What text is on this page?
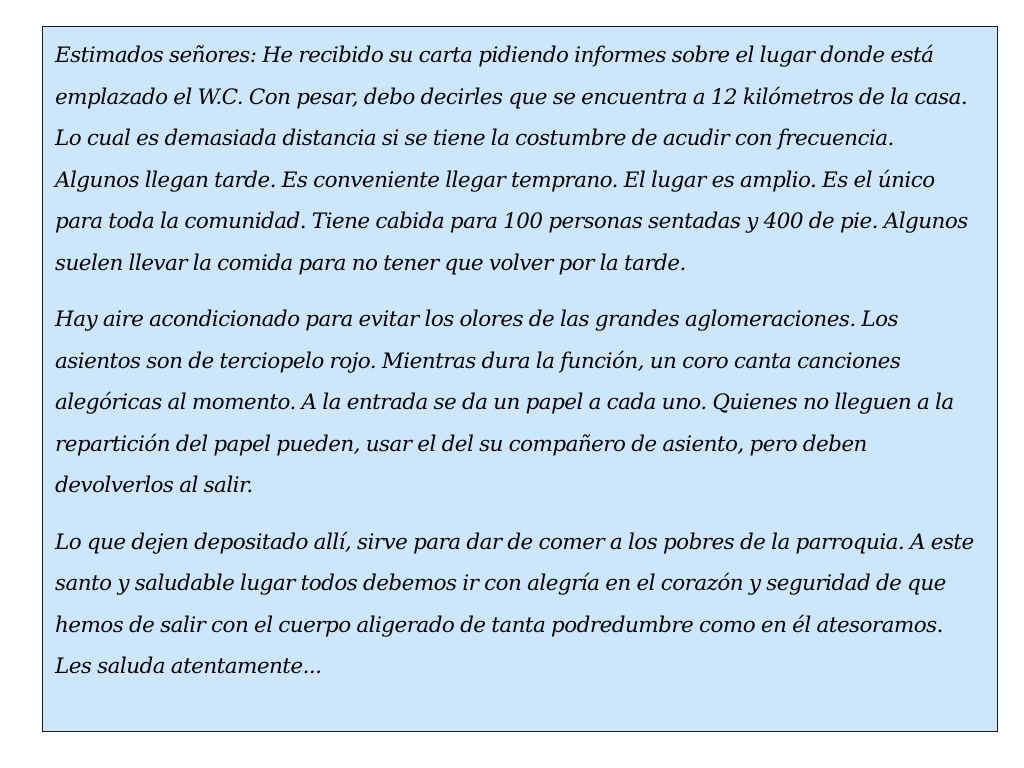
Estimados señores: He recibido su carta pidiendo informes sobre el lugar donde está emplazado el W.C. Con pesar, debo decirles que se encuentra a 12 kilómetros de la casa. Lo cual es demasiada distancia si se tiene la costumbre de acudir con frecuencia. Algunos llegan tarde. Es conveniente llegar temprano. El lugar es amplio. Es el único para toda la comunidad. Tiene cabida para 100 personas sentadas y 400 de pie. Algunos suelen llevar la comida para no tener que volver por la tarde.

Hay aire acondicionado para evitar los olores de las grandes aglomeraciones. Los asientos son de terciopelo rojo. Mientras dura la función, un coro canta canciones alegóricas al momento. A la entrada se da un papel a cada uno. Quienes no lleguen a la repartición del papel pueden, usar el del su compañero de asiento, pero deben devolverlos al salir.

Lo que dejen depositado allí, sirve para dar de comer a los pobres de la parroquia. A este santo y saludable lugar todos debemos ir con alegría en el corazón y seguridad de que hemos de salir con el cuerpo aligerado de tanta podredumbre como en él atesoramos. Les saluda atentamente...
